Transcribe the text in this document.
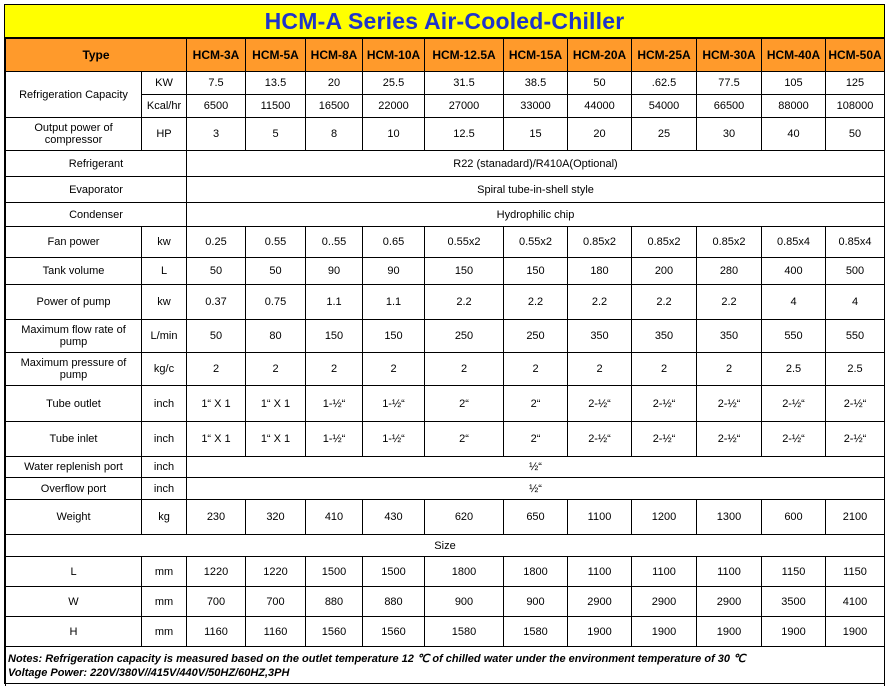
HCM-A Series Air-Cooled-Chiller
Type		HCM-3A	HCM-5A	HCM-8A	HCM-10A	HCM-12.5A	HCM-15A	HCM-20A	HCM-25A	HCM-30A	HCM-40A	HCM-50A
Refrigeration Capacity	KW	7.5	13.5	20	25.5	31.5	38.5	50	.62.5	77.5	105	125
	Kcal/hr	6500	11500	16500	22000	27000	33000	44000	54000	66500	88000	108000
Output power of compressor	HP	3	5	8	10	12.5	15	20	25	30	40	50
Refrigerant		R22 (stanadard)/R410A(Optional)										
Evaporator		Spiral tube-in-shell style										
Condenser		Hydrophilic chip										
Fan power	kw	0.25	0.55	0..55	0.65	0.55x2	0.55x2	0.85x2	0.85x2	0.85x2	0.85x4	0.85x4
Tank volume	L	50	50	90	90	150	150	180	200	280	400	500
Power of pump	kw	0.37	0.75	1.1	1.1	2.2	2.2	2.2	2.2	2.2	4	4
Maximum flow rate of pump	L/min	50	80	150	150	250	250	350	350	350	550	550
Maximum pressure of pump	kg/c	2	2	2	2	2	2	2	2	2	2.5	2.5
Tube outlet	inch	1“ X 1	1“ X 1	1-½“	1-½“	2“	2“	2-½“	2-½“	2-½“	2-½“	2-½“
Tube inlet	inch	1“ X 1	1“ X 1	1-½“	1-½“	2“	2“	2-½“	2-½“	2-½“	2-½“	2-½“
Water replenish port	inch	½“										
Overflow port	inch	½“										
Weight	kg	230	320	410	430	620	650	1100	1200	1300	600	2100
Size												
L	mm	1220	1220	1500	1500	1800	1800	1100	1100	1100	1150	1150
W	mm	700	700	880	880	900	900	2900	2900	2900	3500	4100
H	mm	1160	1160	1560	1560	1580	1580	1900	1900	1900	1900	1900

Notes: Refrigeration capacity is measured based on the outlet temperature 12 ℃ of chilled water under the environment temperature of 30 ℃
Voltage Power: 220V/380V//415V/440V/50HZ/60HZ,3PH												
